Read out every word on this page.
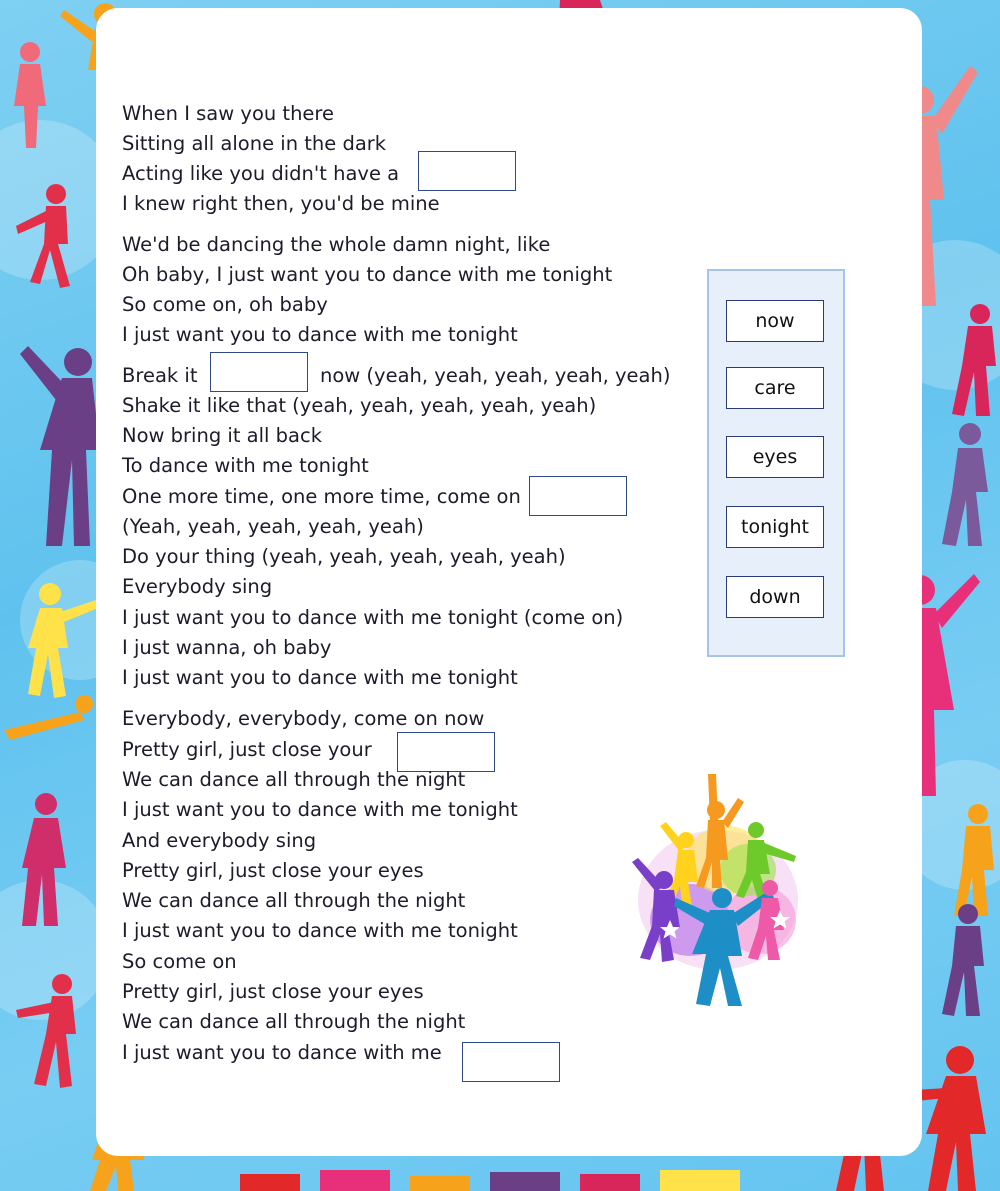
When I saw you there
Sitting all alone in the dark
Acting like you didn't have a
I knew right then, you'd be mine
We'd be dancing the whole damn night, like
Oh baby, I just want you to dance with me tonight
So come on, oh baby
I just want you to dance with me tonight
Break it	now (yeah, yeah, yeah, yeah, yeah)
Shake it like that (yeah, yeah, yeah, yeah, yeah)
Now bring it all back
To dance with me tonight
One more time, one more time, come on
(Yeah, yeah, yeah, yeah, yeah)
Do your thing (yeah, yeah, yeah, yeah, yeah)
Everybody sing
I just want you to dance with me tonight (come on)
I just wanna, oh baby
I just want you to dance with me tonight
Everybody, everybody, come on now
Pretty girl, just close your
We can dance all through the night
I just want you to dance with me tonight
And everybody sing
Pretty girl, just close your eyes
We can dance all through the night
I just want you to dance with me tonight
So come on
Pretty girl, just close your eyes
We can dance all through the night
I just want you to dance with me
now
care
eyes
tonight
down
